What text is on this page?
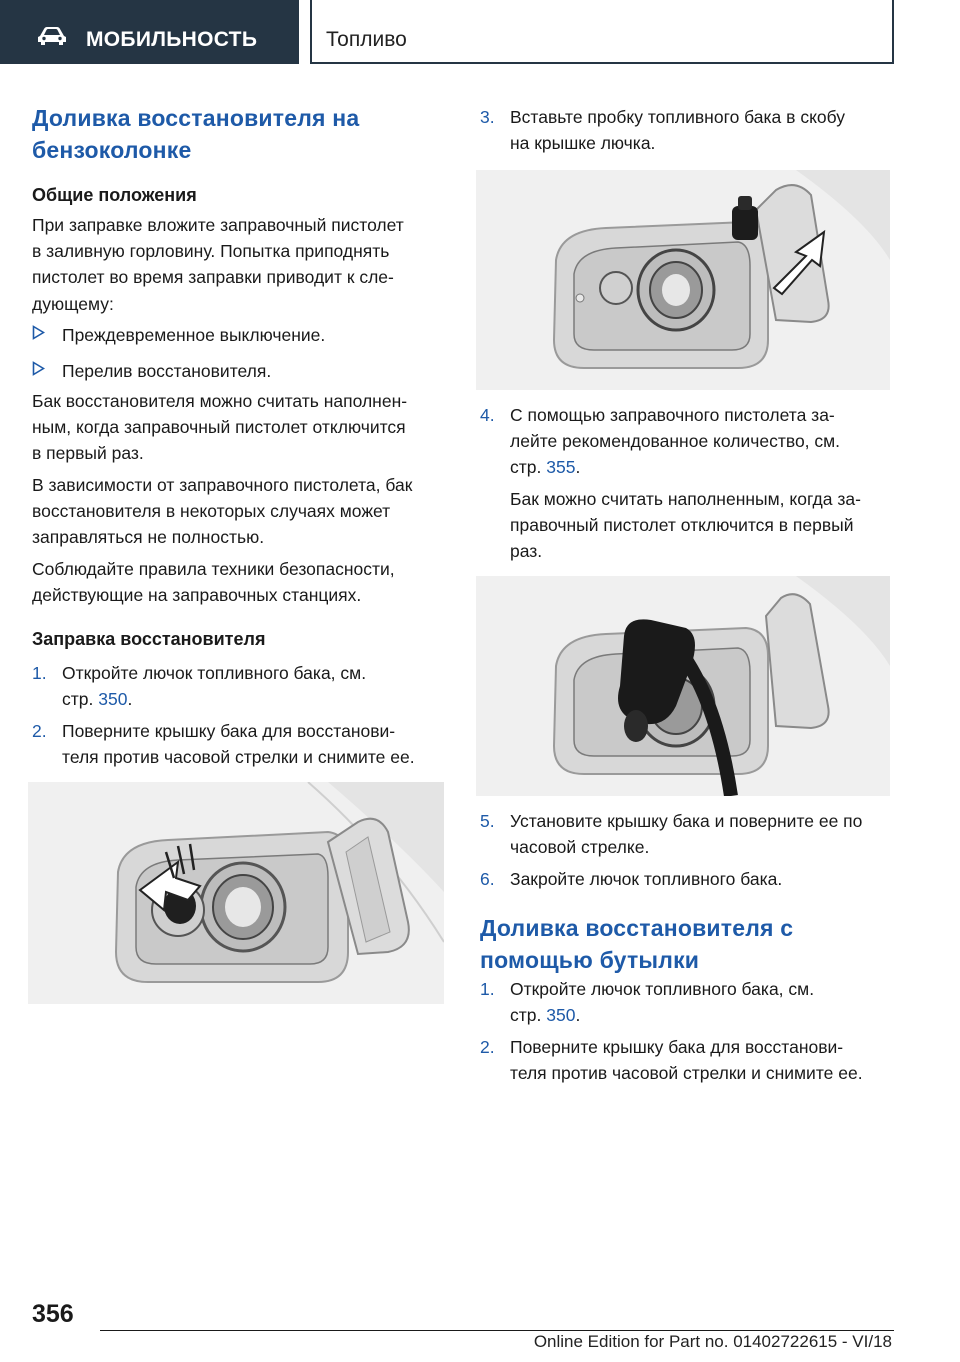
МОБИЛЬНОСТЬ	Топливо
Доливка восстановителя на
бензоколонке
Общие положения

При заправке вложите заправочный пистолет
в заливную горловину. Попытка приподнять
пистолет во время заправки приводит к сле-
дующему:

Преждевременное выключение.
Перелив восстановителя.

Бак восстановителя можно считать наполнен-
ным, когда заправочный пистолет отключится
в первый раз.

В зависимости от заправочного пистолета, бак
восстановителя в некоторых случаях может
заправляться не полностью.

Соблюдайте правила техники безопасности,
действующие на заправочных станциях.

Заправка восстановителя
1. Откройте лючок топливного бака, см.
стр. 350.
2. Поверните крышку бака для восстанови-
теля против часовой стрелки и снимите ее.
3. Вставьте пробку топливного бака в скобу
на крышке лючка.
4. С помощью заправочного пистолета за-
лейте рекомендованное количество, см.
стр. 355.

Бак можно считать наполненным, когда за-
правочный пистолет отключится в первый
раз.

5. Установите крышку бака и поверните ее по
часовой стрелке.
6. Закройте лючок топливного бака.
Доливка восстановителя с
помощью бутылки
1. Откройте лючок топливного бака, см.
стр. 350.
2. Поверните крышку бака для восстанови-
теля против часовой стрелки и снимите ее.
356
Online Edition for Part no. 01402722615 - VI/18
